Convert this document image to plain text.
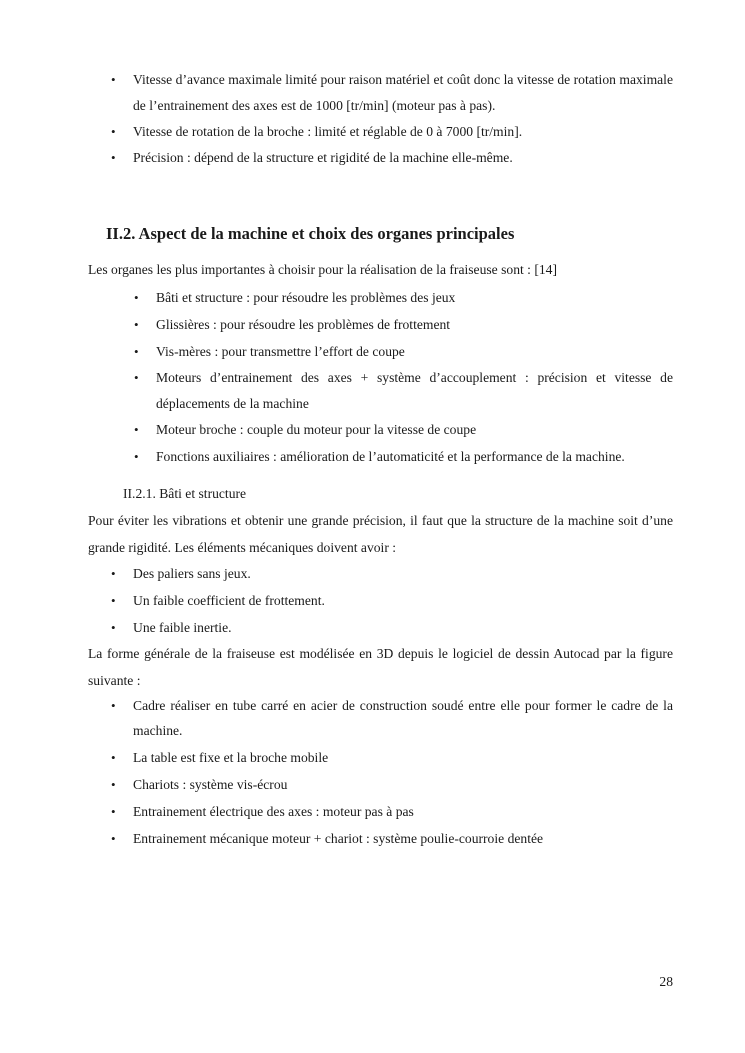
• Vitesse d’avance maximale limité pour raison matériel et coût donc la vitesse de rotation maximale de l’entrainement des axes est de 1000 [tr/min] (moteur pas à pas).
• Vitesse de rotation de la broche : limité et réglable de 0 à 7000 [tr/min].
• Précision : dépend de la structure et rigidité de la machine elle-même.
II.2. Aspect de la machine et choix des organes principales
Les organes les plus importantes à choisir pour la réalisation de la fraiseuse sont : [14]
• Bâti et structure : pour résoudre les problèmes des jeux
• Glissières : pour résoudre les problèmes de frottement
• Vis-mères : pour transmettre l’effort de coupe
• Moteurs d’entrainement des axes + système d’accouplement : précision et vitesse de déplacements de la machine
• Moteur broche : couple du moteur pour la vitesse de coupe
• Fonctions auxiliaires : amélioration de l’automaticité et la performance de la machine.
II.2.1. Bâti et structure
Pour éviter les vibrations et obtenir une grande précision, il faut que la structure de la machine soit d’une grande rigidité. Les éléments mécaniques doivent avoir :
• Des paliers sans jeux.
• Un faible coefficient de frottement.
• Une faible inertie.
La forme générale de la fraiseuse est modélisée en 3D depuis le logiciel de dessin Autocad par la figure suivante :
• Cadre réaliser en tube carré en acier de construction soudé entre elle pour former le cadre de la machine.
• La table est fixe et la broche mobile
• Chariots : système vis-écrou
• Entrainement électrique des axes : moteur pas à pas
• Entrainement mécanique moteur + chariot : système poulie-courroie dentée
28
